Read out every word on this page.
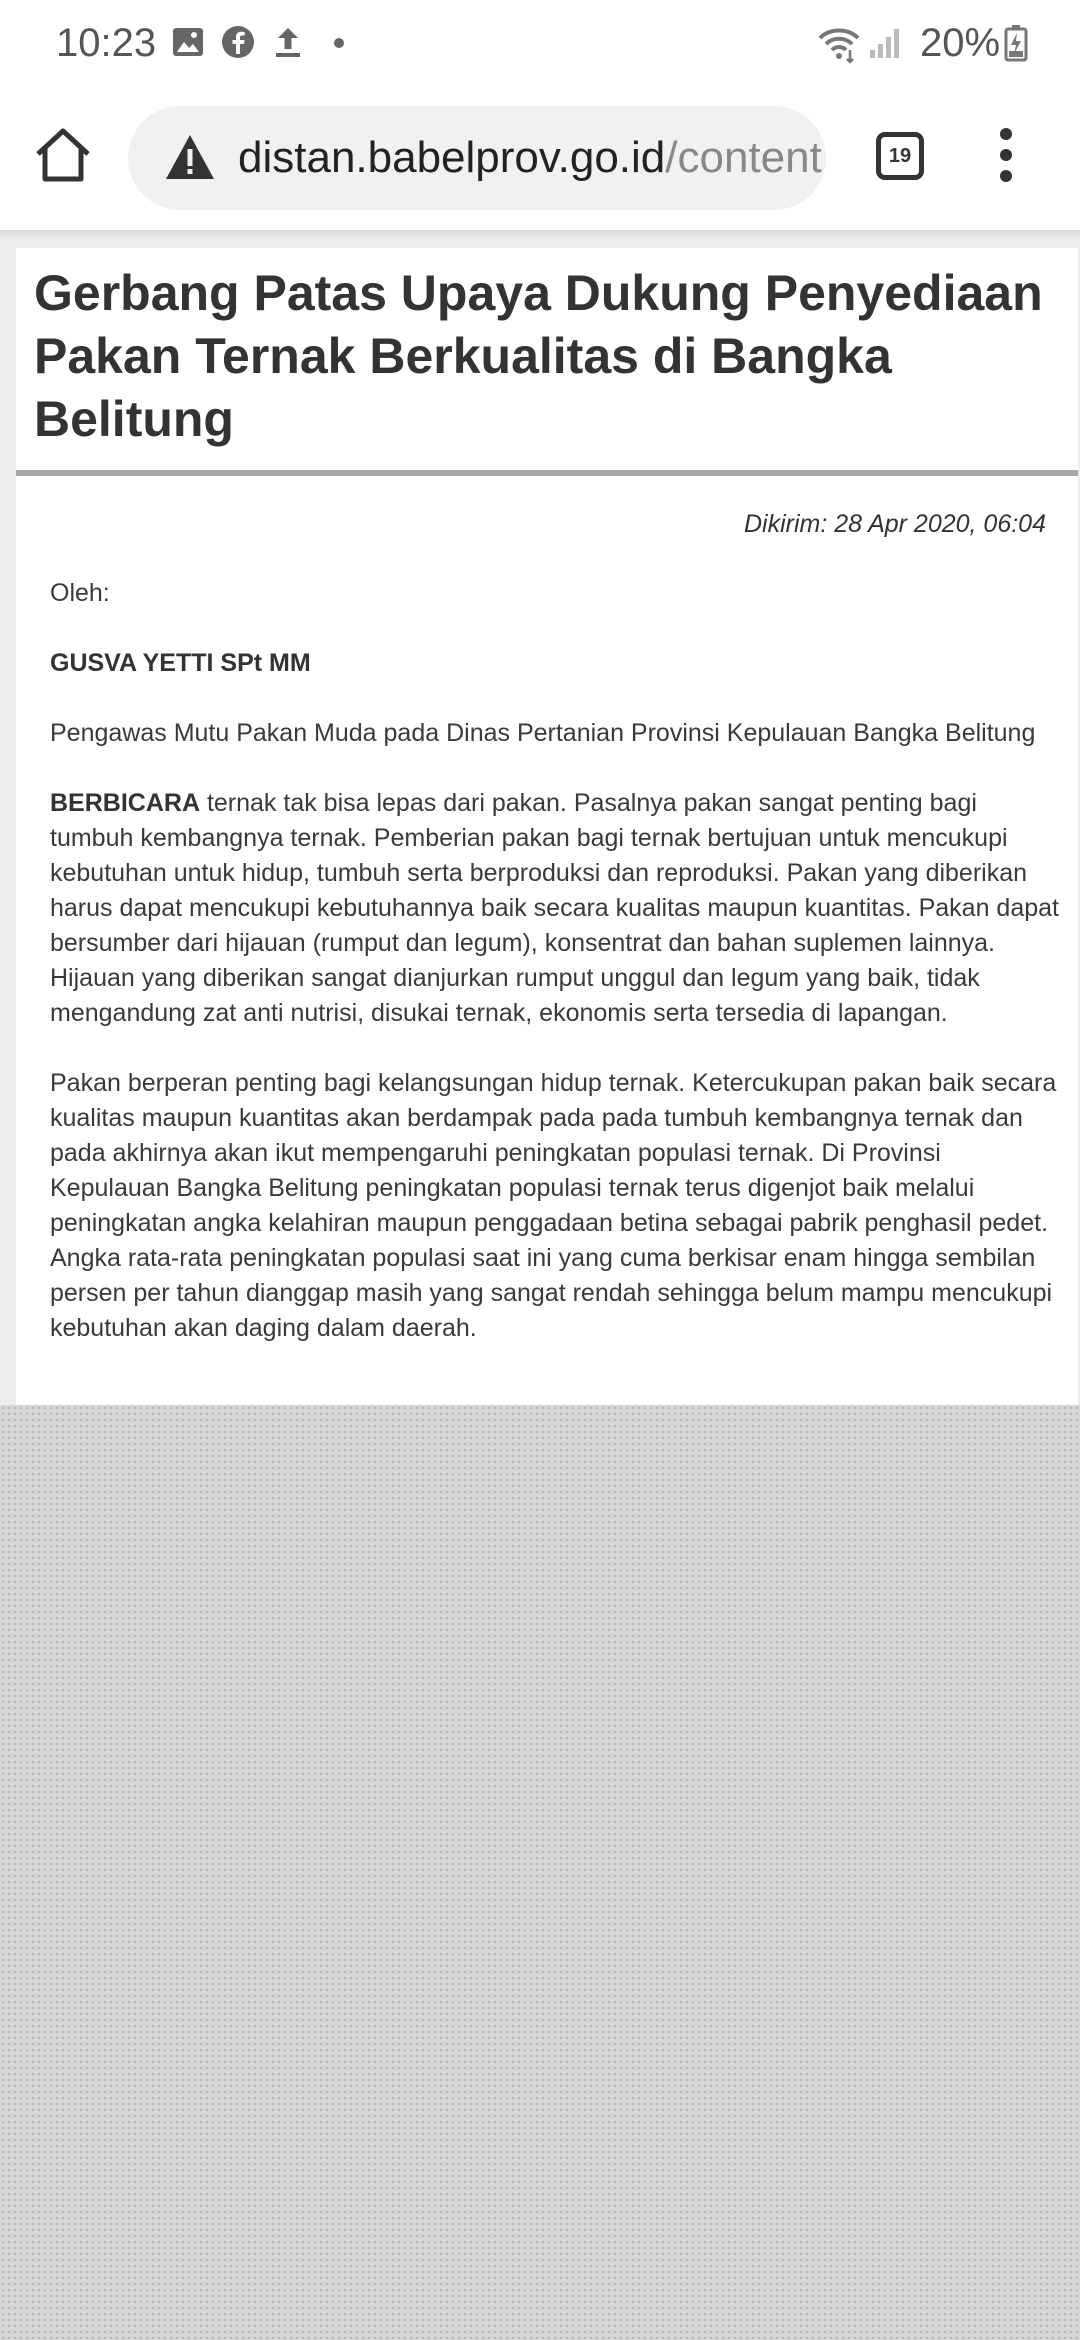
10:23	20%
distan.babelprov.go.id/content	19
Gerbang Patas Upaya Dukung Penyediaan Pakan Ternak Berkualitas di Bangka Belitung
Dikirim: 28 Apr 2020, 06:04

Oleh:

GUSVA YETTI SPt MM

Pengawas Mutu Pakan Muda pada Dinas Pertanian Provinsi Kepulauan Bangka Belitung

BERBICARA ternak tak bisa lepas dari pakan. Pasalnya pakan sangat penting bagi tumbuh kembangnya ternak. Pemberian pakan bagi ternak bertujuan untuk mencukupi kebutuhan untuk hidup, tumbuh serta berproduksi dan reproduksi. Pakan yang diberikan harus dapat mencukupi kebutuhannya baik secara kualitas maupun kuantitas. Pakan dapat bersumber dari hijauan (rumput dan legum), konsentrat dan bahan suplemen lainnya. Hijauan yang diberikan sangat dianjurkan rumput unggul dan legum yang baik, tidak mengandung zat anti nutrisi, disukai ternak, ekonomis serta tersedia di lapangan.

Pakan berperan penting bagi kelangsungan hidup ternak. Ketercukupan pakan baik secara kualitas maupun kuantitas akan berdampak pada pada tumbuh kembangnya ternak dan pada akhirnya akan ikut mempengaruhi peningkatan populasi ternak. Di Provinsi Kepulauan Bangka Belitung peningkatan populasi ternak terus digenjot baik melalui peningkatan angka kelahiran maupun penggadaan betina sebagai pabrik penghasil pedet. Angka rata-rata peningkatan populasi saat ini yang cuma berkisar enam hingga sembilan persen per tahun dianggap masih yang sangat rendah sehingga belum mampu mencukupi kebutuhan akan daging dalam daerah.
